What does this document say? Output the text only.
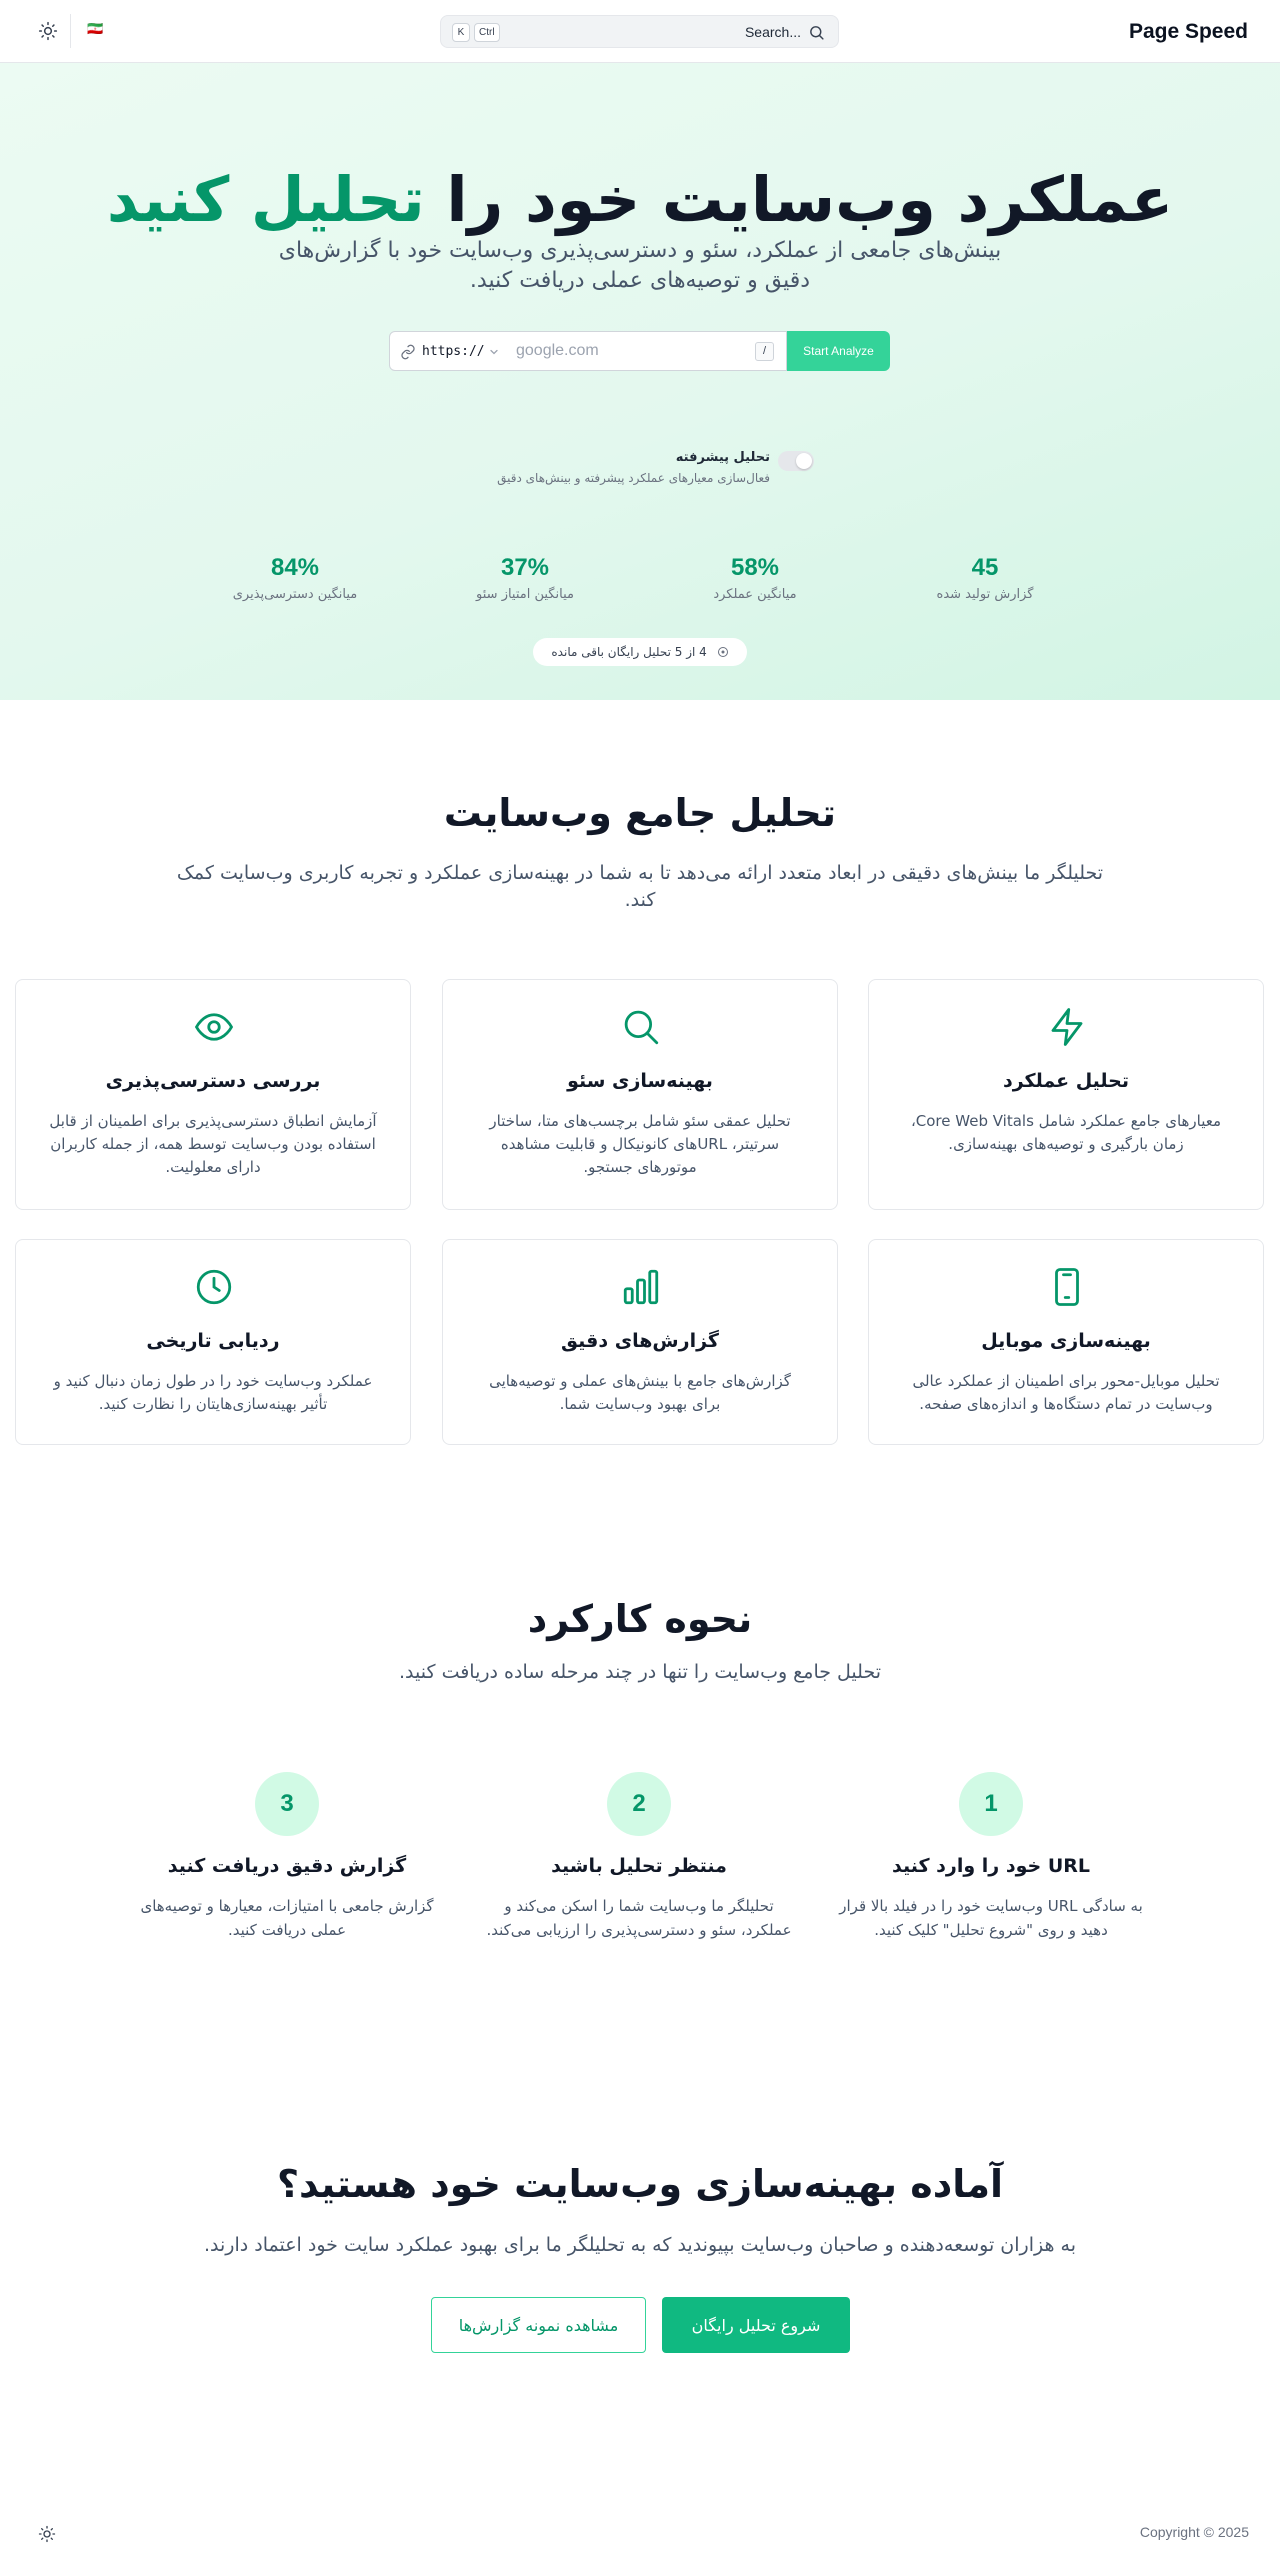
Page Speed
K	Ctrl	Search...
🇮🇷
عملکرد وب‌سایت خود را تحلیل کنید

بینش‌های جامعی از عملکرد، سئو و دسترسی‌پذیری وب‌سایت خود با گزارش‌های دقیق و توصیه‌های عملی دریافت کنید.

https://
google.com	/	Start Analyze
تحلیل پیشرفته
فعال‌سازی معیارهای عملکرد پیشرفته و بینش‌های دقیق
45
گزارش تولید شده
58%
میانگین عملکرد
37%
میانگین امتیاز سئو
84%
میانگین دسترسی‌پذیری
4 از 5 تحلیل رایگان باقی مانده
تحلیل جامع وب‌سایت

تحلیلگر ما بینش‌های دقیقی در ابعاد متعدد ارائه می‌دهد تا به شما در بهینه‌سازی عملکرد و تجربه کاربری وب‌سایت کمک کند.

تحلیل عملکرد
معیارهای جامع عملکرد شامل Core Web Vitals، زمان بارگیری و توصیه‌های بهینه‌سازی.
بهینه‌سازی سئو
تحلیل عمقی سئو شامل برچسب‌های متا، ساختار سرتیتر، URLهای کانونیکال و قابلیت مشاهده موتورهای جستجو.
بررسی دسترسی‌پذیری
آزمایش انطباق دسترسی‌پذیری برای اطمینان از قابل استفاده بودن وب‌سایت توسط همه، از جمله کاربران دارای معلولیت.
بهینه‌سازی موبایل
تحلیل موبایل-محور برای اطمینان از عملکرد عالی وب‌سایت در تمام دستگاه‌ها و اندازه‌های صفحه.
گزارش‌های دقیق
گزارش‌های جامع با بینش‌های عملی و توصیه‌هایی برای بهبود وب‌سایت شما.
ردیابی تاریخی
عملکرد وب‌سایت خود را در طول زمان دنبال کنید و تأثیر بهینه‌سازی‌هایتان را نظارت کنید.
نحوه کارکرد

تحلیل جامع وب‌سایت را تنها در چند مرحله ساده دریافت کنید.

1
URL خود را وارد کنید
به سادگی URL وب‌سایت خود را در فیلد بالا قرار دهید و روی "شروع تحلیل" کلیک کنید.
2
منتظر تحلیل باشید
تحلیلگر ما وب‌سایت شما را اسکن می‌کند و عملکرد، سئو و دسترسی‌پذیری را ارزیابی می‌کند.
3
گزارش دقیق دریافت کنید
گزارش جامعی با امتیازات، معیارها و توصیه‌های عملی دریافت کنید.
آماده بهینه‌سازی وب‌سایت خود هستید؟

به هزاران توسعه‌دهنده و صاحبان وب‌سایت بپیوندید که به تحلیلگر ما برای بهبود عملکرد سایت خود اعتماد دارند.

شروع تحلیل رایگان
مشاهده نمونه گزارش‌ها
Copyright © 2025
